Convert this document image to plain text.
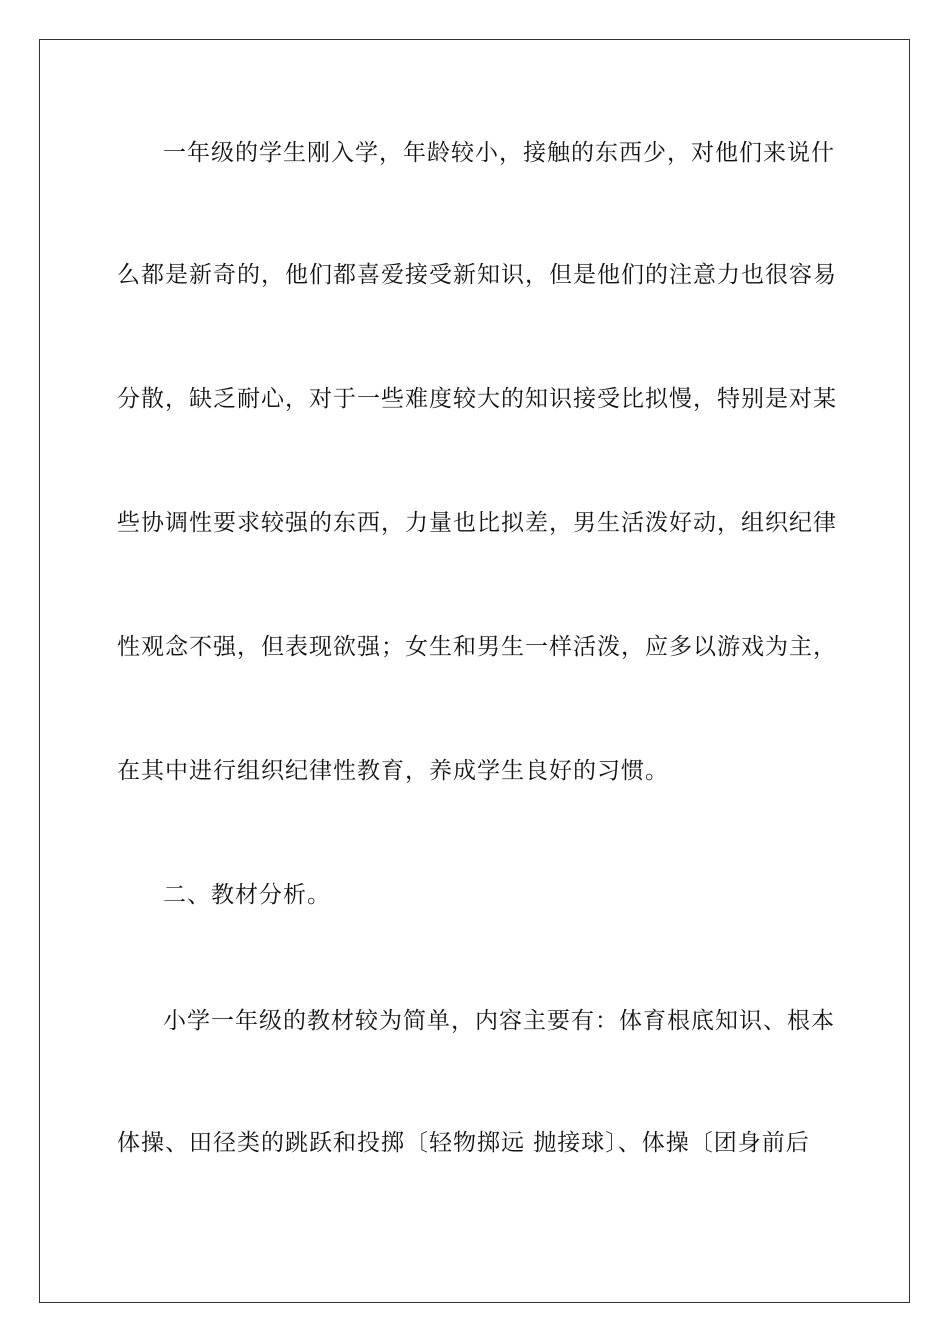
一年级的学生刚入学，年龄较小，接触的东西少，对他们来说什
么都是新奇的，他们都喜爱接受新知识，但是他们的注意力也很容易
分散，缺乏耐心，对于一些难度较大的知识接受比拟慢，特别是对某
些协调性要求较强的东西，力量也比拟差，男生活泼好动，组织纪律
性观念不强，但表现欲强；女生和男生一样活泼，应多以游戏为主，
在其中进行组织纪律性教育，养成学生良好的习惯。
二、教材分析。
小学一年级的教材较为简单，内容主要有：体育根底知识、根本
体操、田径类的跳跃和投掷〔轻物掷远 抛接球〕、体操〔团身前后
